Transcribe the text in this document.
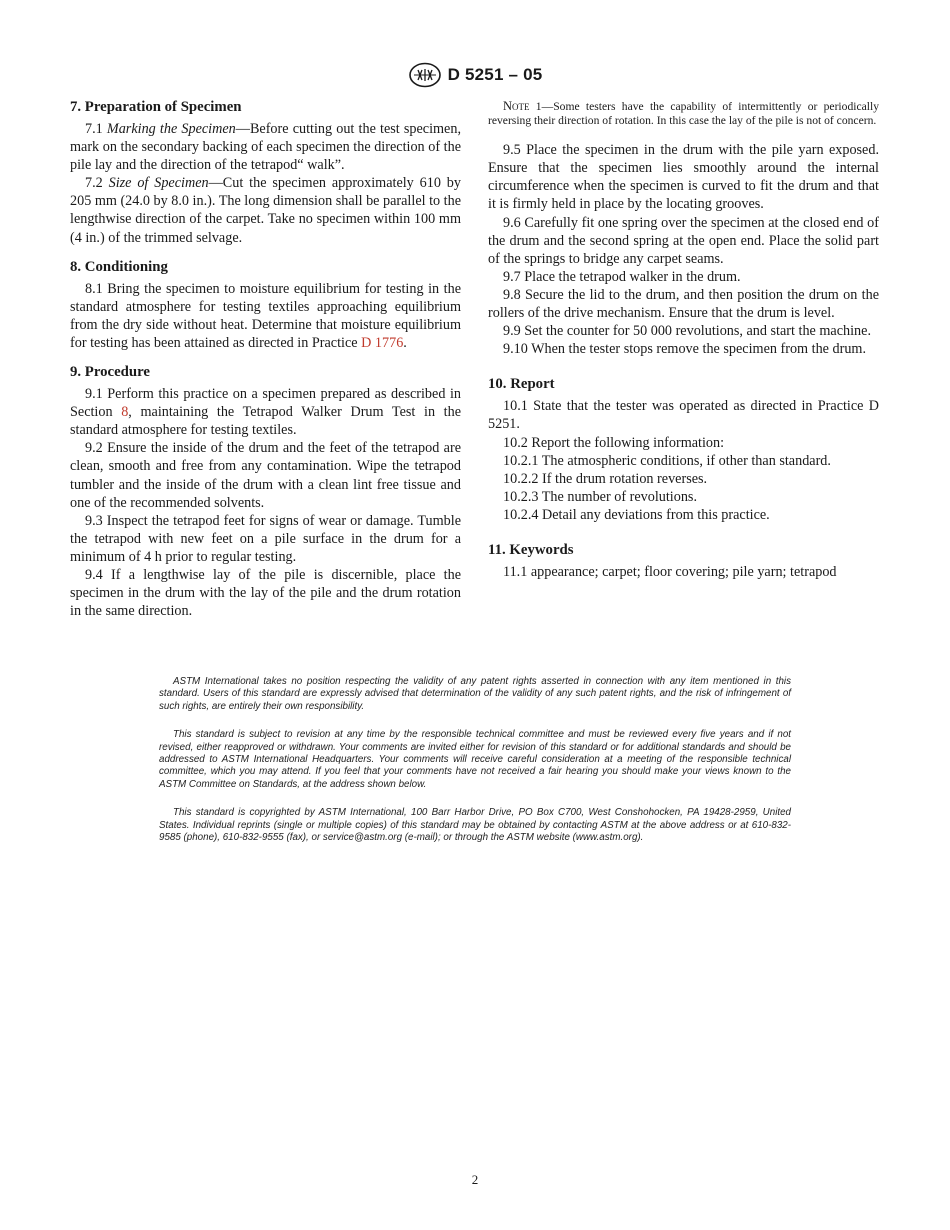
D 5251 – 05
7. Preparation of Specimen

7.1 Marking the Specimen—Before cutting out the test specimen, mark on the secondary backing of each specimen the direction of the pile lay and the direction of the tetrapod“ walk”.

7.2 Size of Specimen—Cut the specimen approximately 610 by 205 mm (24.0 by 8.0 in.). The long dimension shall be parallel to the lengthwise direction of the carpet. Take no specimen within 100 mm (4 in.) of the trimmed selvage.

8. Conditioning

8.1 Bring the specimen to moisture equilibrium for testing in the standard atmosphere for testing textiles approaching equilibrium from the dry side without heat. Determine that moisture equilibrium for testing has been attained as directed in Practice D 1776.

9. Procedure

9.1 Perform this practice on a specimen prepared as described in Section 8, maintaining the Tetrapod Walker Drum Test in the standard atmosphere for testing textiles.

9.2 Ensure the inside of the drum and the feet of the tetrapod are clean, smooth and free from any contamination. Wipe the tetrapod tumbler and the inside of the drum with a clean lint free tissue and one of the recommended solvents.

9.3 Inspect the tetrapod feet for signs of wear or damage. Tumble the tetrapod with new feet on a pile surface in the drum for a minimum of 4 h prior to regular testing.

9.4 If a lengthwise lay of the pile is discernible, place the specimen in the drum with the lay of the pile and the drum rotation in the same direction.

Note 1—Some testers have the capability of intermittently or periodically reversing their direction of rotation. In this case the lay of the pile is not of concern.

9.5 Place the specimen in the drum with the pile yarn exposed. Ensure that the specimen lies smoothly around the internal circumference when the specimen is curved to fit the drum and that it is firmly held in place by the locating grooves.

9.6 Carefully fit one spring over the specimen at the closed end of the drum and the second spring at the open end. Place the solid part of the springs to bridge any carpet seams.

9.7 Place the tetrapod walker in the drum.

9.8 Secure the lid to the drum, and then position the drum on the rollers of the drive mechanism. Ensure that the drum is level.

9.9 Set the counter for 50 000 revolutions, and start the machine.

9.10 When the tester stops remove the specimen from the drum.

10. Report

10.1 State that the tester was operated as directed in Practice D 5251.

10.2 Report the following information:

10.2.1 The atmospheric conditions, if other than standard.

10.2.2 If the drum rotation reverses.

10.2.3 The number of revolutions.

10.2.4 Detail any deviations from this practice.

11. Keywords

11.1 appearance; carpet; floor covering; pile yarn; tetrapod

ASTM International takes no position respecting the validity of any patent rights asserted in connection with any item mentioned in this standard. Users of this standard are expressly advised that determination of the validity of any such patent rights, and the risk of infringement of such rights, are entirely their own responsibility.

This standard is subject to revision at any time by the responsible technical committee and must be reviewed every five years and if not revised, either reapproved or withdrawn. Your comments are invited either for revision of this standard or for additional standards and should be addressed to ASTM International Headquarters. Your comments will receive careful consideration at a meeting of the responsible technical committee, which you may attend. If you feel that your comments have not received a fair hearing you should make your views known to the ASTM Committee on Standards, at the address shown below.

This standard is copyrighted by ASTM International, 100 Barr Harbor Drive, PO Box C700, West Conshohocken, PA 19428-2959, United States. Individual reprints (single or multiple copies) of this standard may be obtained by contacting ASTM at the above address or at 610-832-9585 (phone), 610-832-9555 (fax), or service@astm.org (e-mail); or through the ASTM website (www.astm.org).

2
